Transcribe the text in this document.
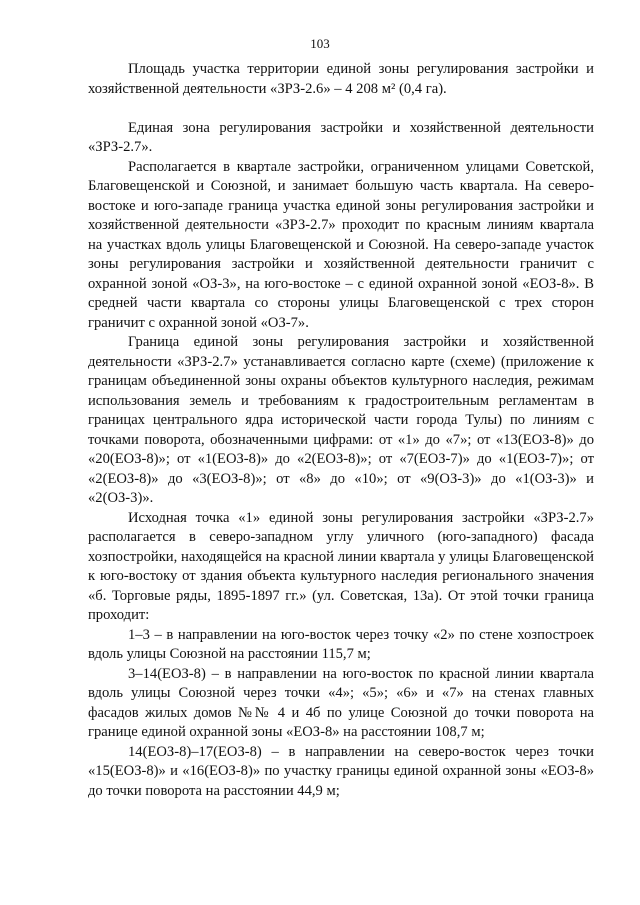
103

Площадь участка территории единой зоны регулирования застройки и хозяйственной деятельности «ЗРЗ-2.6» – 4 208 м² (0,4 га).

Единая зона регулирования застройки и хозяйственной деятельности «ЗРЗ-2.7».

Располагается в квартале застройки, ограниченном улицами Советской, Благовещенской и Союзной, и занимает большую часть квартала. На северо-востоке и юго-западе граница участка единой зоны регулирования застройки и хозяйственной деятельности «ЗРЗ-2.7» проходит по красным линиям квартала на участках вдоль улицы Благовещенской и Союзной. На северо-западе участок зоны регулирования застройки и хозяйственной деятельности граничит с охранной зоной «ОЗ-3», на юго-востоке – с единой охранной зоной «ЕОЗ-8». В средней части квартала со стороны улицы Благовещенской с трех сторон граничит с охранной зоной «ОЗ-7».

Граница единой зоны регулирования застройки и хозяйственной деятельности «ЗРЗ-2.7» устанавливается согласно карте (схеме) (приложение к границам объединенной зоны охраны объектов культурного наследия, режимам использования земель и требованиям к градостроительным регламентам в границах центрального ядра исторической части города Тулы) по линиям с точками поворота, обозначенными цифрами: от «1» до «7»; от «13(ЕОЗ-8)» до «20(ЕОЗ-8)»; от «1(ЕОЗ-8)» до «2(ЕОЗ-8)»; от «7(ЕОЗ-7)» до «1(ЕОЗ-7)»; от «2(ЕОЗ-8)» до «3(ЕОЗ-8)»; от «8» до «10»; от «9(ОЗ-3)» до «1(ОЗ-3)» и «2(ОЗ-3)».

Исходная точка «1» единой зоны регулирования застройки «ЗРЗ-2.7» располагается в северо-западном углу уличного (юго-западного) фасада хозпостройки, находящейся на красной линии квартала у улицы Благовещенской к юго-востоку от здания объекта культурного наследия регионального значения «б. Торговые ряды, 1895-1897 гг.» (ул. Советская, 13а). От этой точки граница проходит:

1–3 – в направлении на юго-восток через точку «2» по стене хозпостроек вдоль улицы Союзной на расстоянии 115,7 м;

3–14(ЕОЗ-8) – в направлении на юго-восток по красной линии квартала вдоль улицы Союзной через точки «4»; «5»; «6» и «7» на стенах главных фасадов жилых домов №№ 4 и 4б по улице Союзной до точки поворота на границе единой охранной зоны «ЕОЗ-8» на расстоянии 108,7 м;

14(ЕОЗ-8)–17(ЕОЗ-8) – в направлении на северо-восток через точки «15(ЕОЗ-8)» и «16(ЕОЗ-8)» по участку границы единой охранной зоны «ЕОЗ-8» до точки поворота на расстоянии 44,9 м;
